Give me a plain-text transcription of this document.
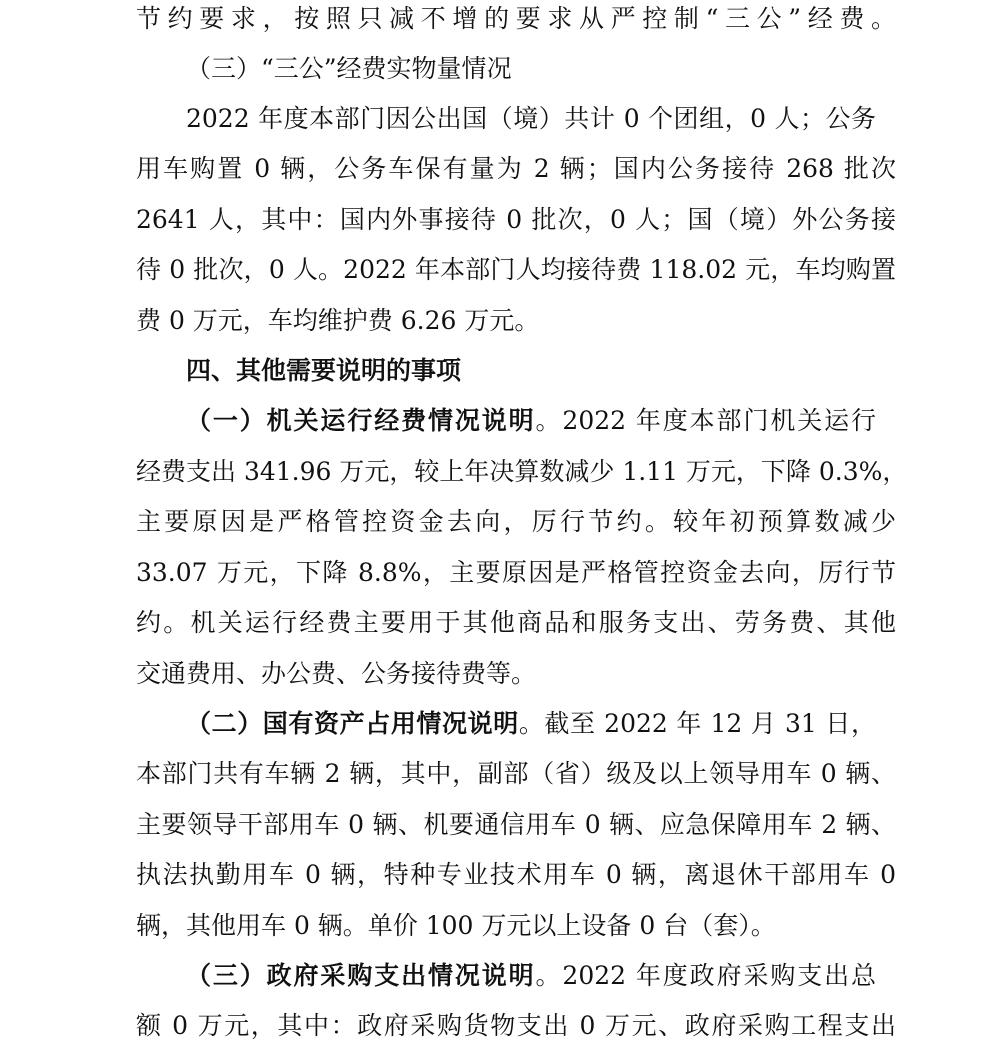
节约要求，按照只减不增的要求从严控制“三公”经费。
（三）“三公”经费实物量情况
2022 年度本部门因公出国（境）共计 0 个团组，0 人；公务
用车购置 0 辆，公务车保有量为 2 辆；国内公务接待 268 批次
2641 人，其中：国内外事接待 0 批次，0 人；国（境）外公务接
待 0 批次，0 人。2022 年本部门人均接待费 118.02 元，车均购置
费 0 万元，车均维护费 6.26 万元。
四、其他需要说明的事项
（一）机关运行经费情况说明。2022 年度本部门机关运行
经费支出 341.96 万元，较上年决算数减少 1.11 万元，下降 0.3%，
主要原因是严格管控资金去向，厉行节约。较年初预算数减少
33.07 万元，下降 8.8%，主要原因是严格管控资金去向，厉行节
约。机关运行经费主要用于其他商品和服务支出、劳务费、其他
交通费用、办公费、公务接待费等。
（二）国有资产占用情况说明。截至 2022 年 12 月 31 日，
本部门共有车辆 2 辆，其中，副部（省）级及以上领导用车 0 辆、
主要领导干部用车 0 辆、机要通信用车 0 辆、应急保障用车 2 辆、
执法执勤用车 0 辆，特种专业技术用车 0 辆，离退休干部用车 0
辆，其他用车 0 辆。单价 100 万元以上设备 0 台（套）。
（三）政府采购支出情况说明。2022 年度政府采购支出总
额 0 万元，其中：政府采购货物支出 0 万元、政府采购工程支出
